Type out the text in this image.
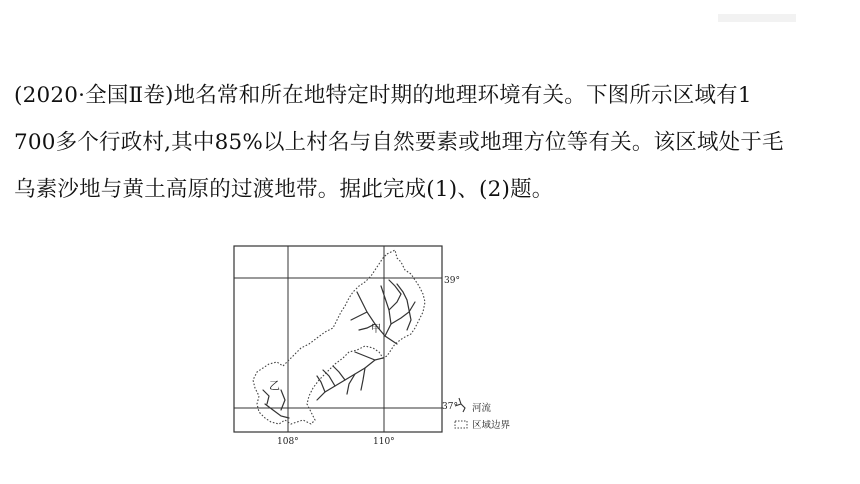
(2020·全国Ⅱ卷)地名常和所在地特定时期的地理环境有关。下图所示区域有1
700多个行政村,其中85%以上村名与自然要素或地理方位等有关。该区域处于毛
乌素沙地与黄土高原的过渡地带。据此完成(1)、(2)题。
甲
乙
39°
37°
108°	110°
河流
区域边界
